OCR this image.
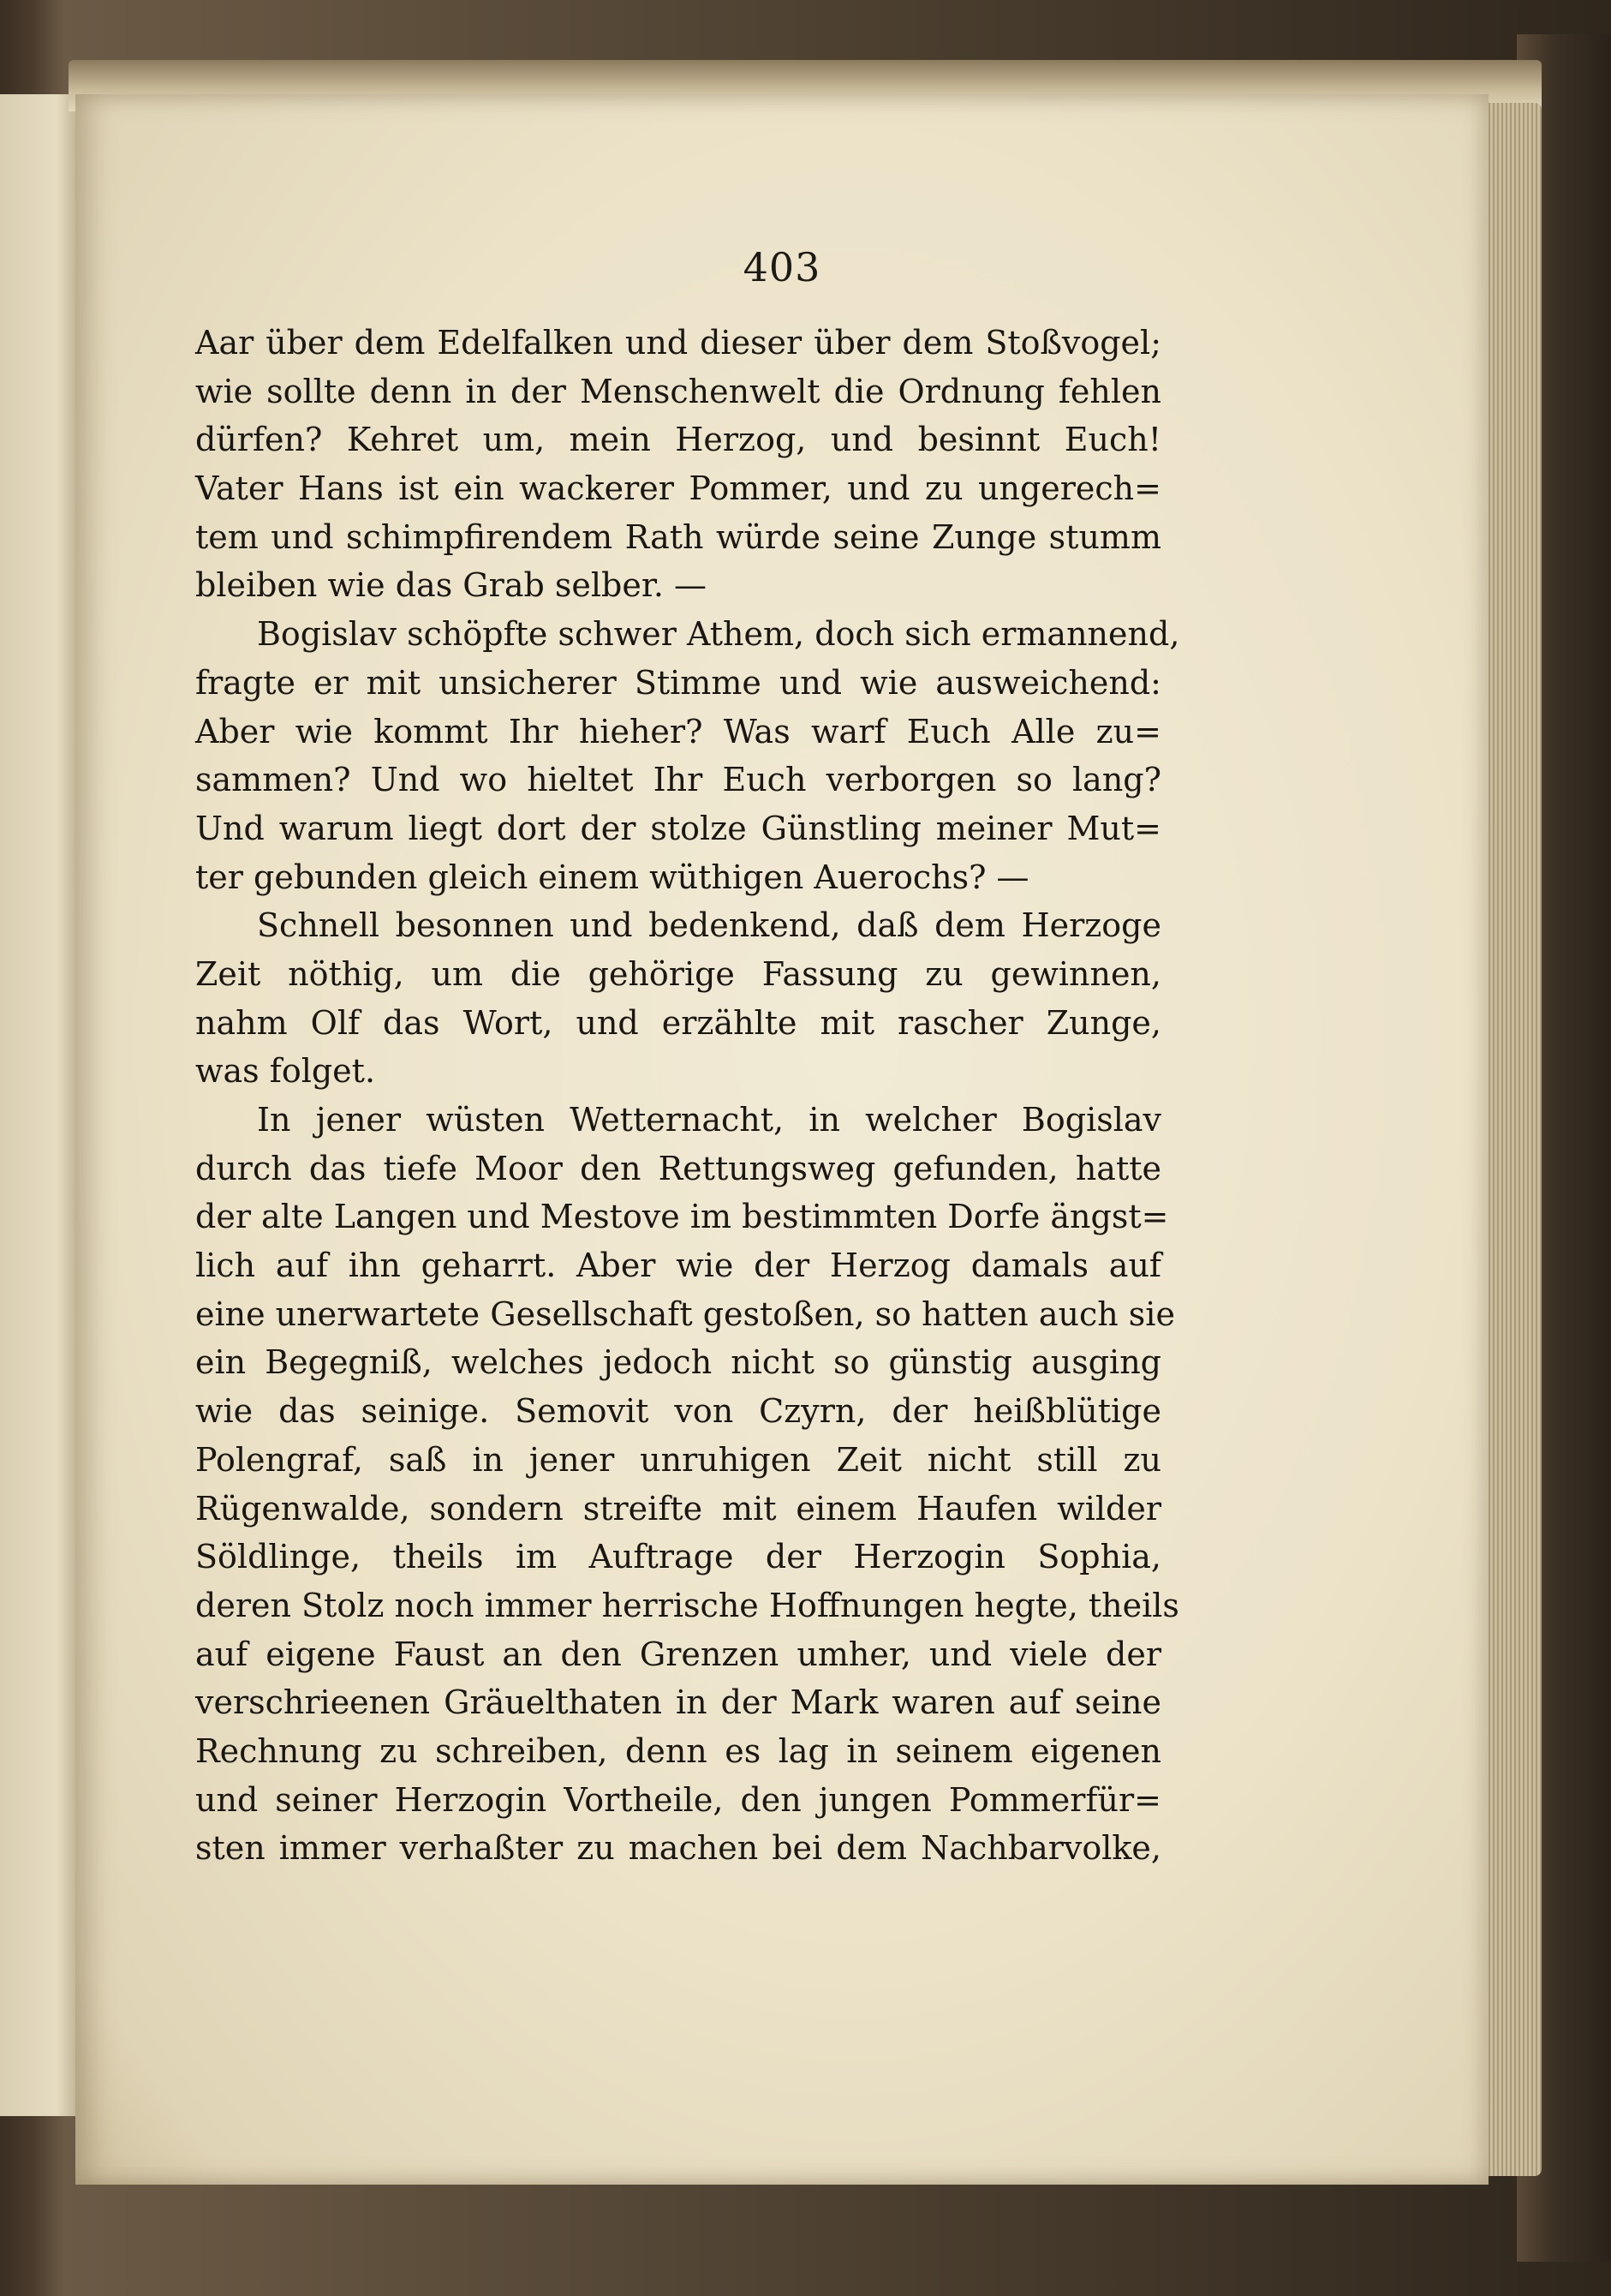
403
Aar über dem Edelfalken und dieser über dem Stoßvogel;
wie sollte denn in der Menschenwelt die Ordnung fehlen
dürfen? Kehret um, mein Herzog, und besinnt Euch!
Vater Hans ist ein wackerer Pommer, und zu ungerech=
tem und schimpfirendem Rath würde seine Zunge stumm
bleiben wie das Grab selber. —
Bogislav schöpfte schwer Athem, doch sich ermannend,
fragte er mit unsicherer Stimme und wie ausweichend:
Aber wie kommt Ihr hieher? Was warf Euch Alle zu=
sammen? Und wo hieltet Ihr Euch verborgen so lang?
Und warum liegt dort der stolze Günstling meiner Mut=
ter gebunden gleich einem wüthigen Auerochs? —
Schnell besonnen und bedenkend, daß dem Herzoge
Zeit nöthig, um die gehörige Fassung zu gewinnen,
nahm Olf das Wort, und erzählte mit rascher Zunge,
was folget.
In jener wüsten Wetternacht, in welcher Bogislav
durch das tiefe Moor den Rettungsweg gefunden, hatte
der alte Langen und Mestove im bestimmten Dorfe ängst=
lich auf ihn geharrt. Aber wie der Herzog damals auf
eine unerwartete Gesellschaft gestoßen, so hatten auch sie
ein Begegniß, welches jedoch nicht so günstig ausging
wie das seinige. Semovit von Czyrn, der heißblütige
Polengraf, saß in jener unruhigen Zeit nicht still zu
Rügenwalde, sondern streifte mit einem Haufen wilder
Söldlinge, theils im Auftrage der Herzogin Sophia,
deren Stolz noch immer herrische Hoffnungen hegte, theils
auf eigene Faust an den Grenzen umher, und viele der
verschrieenen Gräuelthaten in der Mark waren auf seine
Rechnung zu schreiben, denn es lag in seinem eigenen
und seiner Herzogin Vortheile, den jungen Pommerfür=
sten immer verhaßter zu machen bei dem Nachbarvolke,
